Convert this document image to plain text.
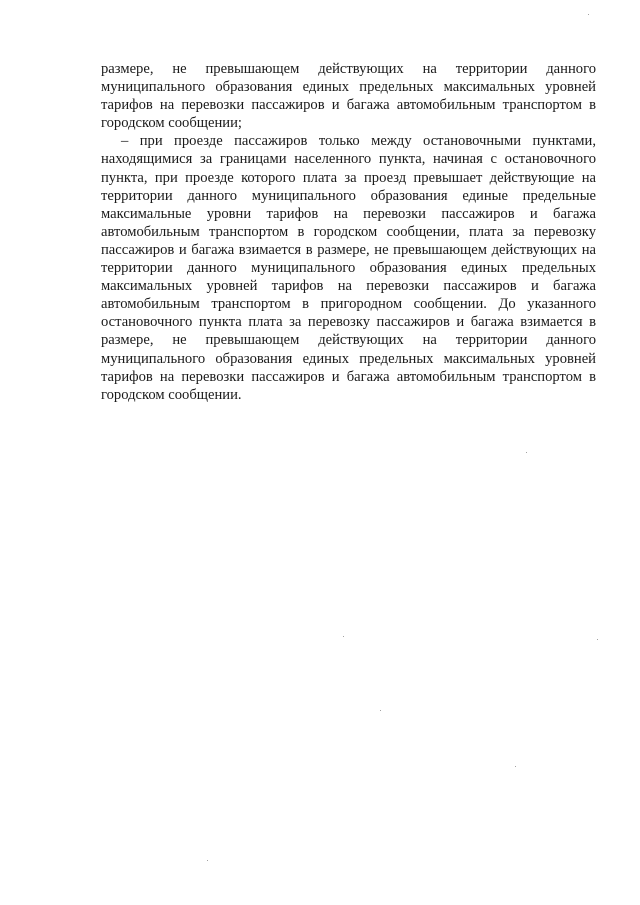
размере, не превышающем действующих на территории данного муниципального образования единых предельных максимальных уровней тарифов на перевозки пассажиров и багажа автомобильным транспортом в городском сообщении;

– при проезде пассажиров только между остановочными пунктами, находящимися за границами населенного пункта, начиная с остановочного пункта, при проезде которого плата за проезд превышает действующие на территории данного муниципального образования единые предельные максимальные уровни тарифов на перевозки пассажиров и багажа автомобильным транспортом в городском сообщении, плата за перевозку пассажиров и багажа взимается в размере, не превышающем действующих на территории данного муниципального образования единых предельных максимальных уровней тарифов на перевозки пассажиров и багажа автомобильным транспортом в пригородном сообщении. До указанного остановочного пункта плата за перевозку пассажиров и багажа взимается в размере, не превышающем действующих на территории данного муниципального образования единых предельных максимальных уровней тарифов на перевозки пассажиров и багажа автомобильным транспортом в городском сообщении.
